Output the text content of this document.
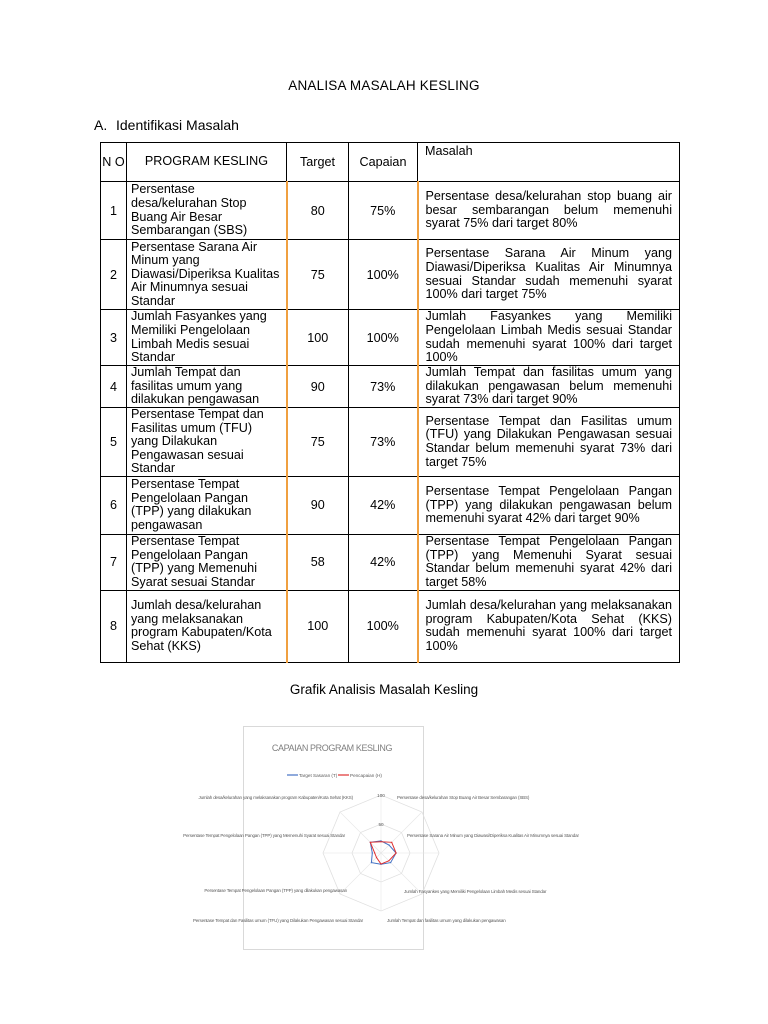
ANALISA MASALAH KESLING
A. Identifikasi Masalah
N O	PROGRAM KESLING	Target	Capaian	Masalah
1	Persentase desa/kelurahan Stop Buang Air Besar Sembarangan (SBS)	80	75%	Persentase desa/kelurahan stop buang air besar sembarangan belum memenuhi syarat 75% dari target 80%
2	Persentase Sarana Air Minum yang Diawasi/Diperiksa Kualitas Air Minumnya sesuai Standar	75	100%	Persentase Sarana Air Minum yang Diawasi/Diperiksa Kualitas Air Minumnya sesuai Standar sudah memenuhi syarat 100% dari target 75%
3	Jumlah Fasyankes yang Memiliki Pengelolaan Limbah Medis sesuai Standar	100	100%	Jumlah Fasyankes yang Memiliki Pengelolaan Limbah Medis sesuai Standar sudah memenuhi syarat 100% dari target 100%
4	Jumlah Tempat dan fasilitas umum yang dilakukan pengawasan	90	73%	Jumlah Tempat dan fasilitas umum yang dilakukan pengawasan belum memenuhi syarat 73% dari target 90%
5	Persentase Tempat dan Fasilitas umum (TFU) yang Dilakukan Pengawasan sesuai Standar	75	73%	Persentase Tempat dan Fasilitas umum (TFU) yang Dilakukan Pengawasan sesuai Standar belum memenuhi syarat 73% dari target 75%
6	Persentase Tempat Pengelolaan Pangan (TPP) yang dilakukan pengawasan	90	42%	Persentase Tempat Pengelolaan Pangan (TPP) yang dilakukan pengawasan belum memenuhi syarat 42% dari target 90%
7	Persentase Tempat Pengelolaan Pangan (TPP) yang Memenuhi Syarat sesuai Standar	58	42%	Persentase Tempat Pengelolaan Pangan (TPP) yang Memenuhi Syarat sesuai Standar belum memenuhi syarat 42% dari target 58%
8	Jumlah desa/kelurahan yang melaksanakan program Kabupaten/Kota Sehat (KKS)	100	100%	Jumlah desa/kelurahan yang melaksanakan program Kabupaten/Kota Sehat (KKS) sudah memenuhi syarat 100% dari target 100%
Grafik Analisis Masalah Kesling
CAPAIAN PROGRAM KESLING
Target Sasaran (T)	Pencapaian (H)
100
50
Persentase desa/kelurahan Stop Buang Air Besar Sembarangan (SBS)
Persentase Sarana Air Minum yang Diawasi/Diperiksa Kualitas Air Minumnya sesuai Standar
Jumlah Fasyankes yang Memiliki Pengelolaan Limbah Medis sesuai Standar
Jumlah Tempat dan fasilitas umum yang dilakukan pengawasan
Persentase Tempat dan Fasilitas umum (TFU) yang Dilakukan Pengawasan sesuai Standar
Persentase Tempat Pengelolaan Pangan (TPP) yang dilakukan pengawasan
Persentase Tempat Pengelolaan Pangan (TPP) yang Memenuhi Syarat sesuai Standar
Jumlah desa/kelurahan yang melaksanakan program Kabupaten/Kota Sehat (KKS)
